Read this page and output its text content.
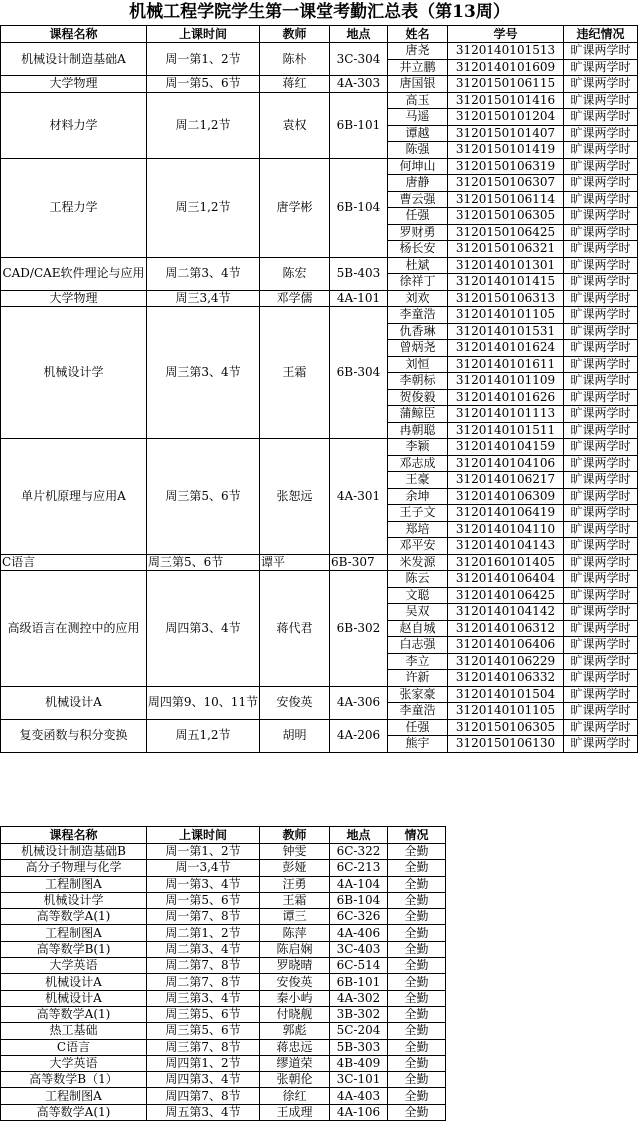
机械工程学院学生第一课堂考勤汇总表（第13周）
课程名称	上课时间	教师	地点	姓名	学号	违纪情况
机械设计制造基础A	周一第1、2节	陈朴	3C-304	唐尧	3120140101513	旷课两学时
				井立鹏	3120140101609	旷课两学时
大学物理	周一第5、6节	蒋红	4A-303	唐国银	3120150106115	旷课两学时
材料力学	周二1,2节	袁权	6B-101	高玉	3120150101416	旷课两学时
				马遥	3120150101204	旷课两学时
				谭越	3120150101407	旷课两学时
				陈强	3120150101419	旷课两学时
工程力学	周三1,2节	唐学彬	6B-104	何坤山	3120150106319	旷课两学时
				唐静	3120150106307	旷课两学时
				曹云强	3120150106114	旷课两学时
				任强	3120150106305	旷课两学时
				罗财勇	3120150106425	旷课两学时
				杨长安	3120150106321	旷课两学时
CAD/CAE软件理论与应用	周二第3、4节	陈宏	5B-403	杜斌	3120140101301	旷课两学时
				徐祥丁	3120140101415	旷课两学时
大学物理	周三3,4节	邓学儒	4A-101	刘欢	3120150106313	旷课两学时
机械设计学	周三第3、4节	王霜	6B-304	李童浩	3120140101105	旷课两学时
				仇香琳	3120140101531	旷课两学时
				曾炳尧	3120140101624	旷课两学时
				刘恒	3120140101611	旷课两学时
				李朝标	3120140101109	旷课两学时
				贺俊毅	3120140101626	旷课两学时
				蒲鲸臣	3120140101113	旷课两学时
				冉朝聪	3120140101511	旷课两学时
单片机原理与应用A	周三第5、6节	张恕远	4A-301	李颖	3120140104159	旷课两学时
				邓志成	3120140104106	旷课两学时
				王豪	3120140106217	旷课两学时
				余坤	3120140106309	旷课两学时
				王子文	3120140106419	旷课两学时
				郑培	3120140104110	旷课两学时
				邓平安	3120140104143	旷课两学时
C语言	周三第5、6节	谭平	6B-307	米发源	3120160101405	旷课两学时
高级语言在测控中的应用	周四第3、4节	蒋代君	6B-302	陈云	3120140106404	旷课两学时
				文聪	3120140106425	旷课两学时
				吴双	3120140104142	旷课两学时
				赵自城	3120140106312	旷课两学时
				白志强	3120140106406	旷课两学时
				李立	3120140106229	旷课两学时
				许新	3120140106332	旷课两学时
机械设计A	周四第9、10、11节	安俊英	4A-306	张家豪	3120140101504	旷课两学时
				李童浩	3120140101105	旷课两学时
复变函数与积分变换	周五1,2节	胡明	4A-206	任强	3120150106305	旷课两学时
				熊宇	3120150106130	旷课两学时
课程名称	上课时间	教师	地点	情况
机械设计制造基础B	周一第1、2节	钟雯	6C-322	全勤
高分子物理与化学	周一3,4节	彭娅	6C-213	全勤
工程制图A	周一第3、4节	汪勇	4A-104	全勤
机械设计学	周一第5、6节	王霜	6B-104	全勤
高等数学A(1)	周一第7、8节	谭三	6C-326	全勤
工程制图A	周二第1、2节	陈萍	4A-406	全勤
高等数学B(1)	周二第3、4节	陈启娴	3C-403	全勤
大学英语	周二第7、8节	罗晓晴	6C-514	全勤
机械设计A	周二第7、8节	安俊英	6B-101	全勤
机械设计A	周三第3、4节	秦小屿	4A-302	全勤
高等数学A(1)	周三第5、6节	付晓舰	3B-302	全勤
热工基础	周三第5、6节	郭彪	5C-204	全勤
C语言	周三第7、8节	蒋忠远	5B-303	全勤
大学英语	周四第1、2节	缪道荣	4B-409	全勤
高等数学B（1）	周四第3、4节	张朝伦	3C-101	全勤
工程制图A	周四第7、8节	徐红	4A-403	全勤
高等数学A(1)	周五第3、4节	王成理	4A-106	全勤
